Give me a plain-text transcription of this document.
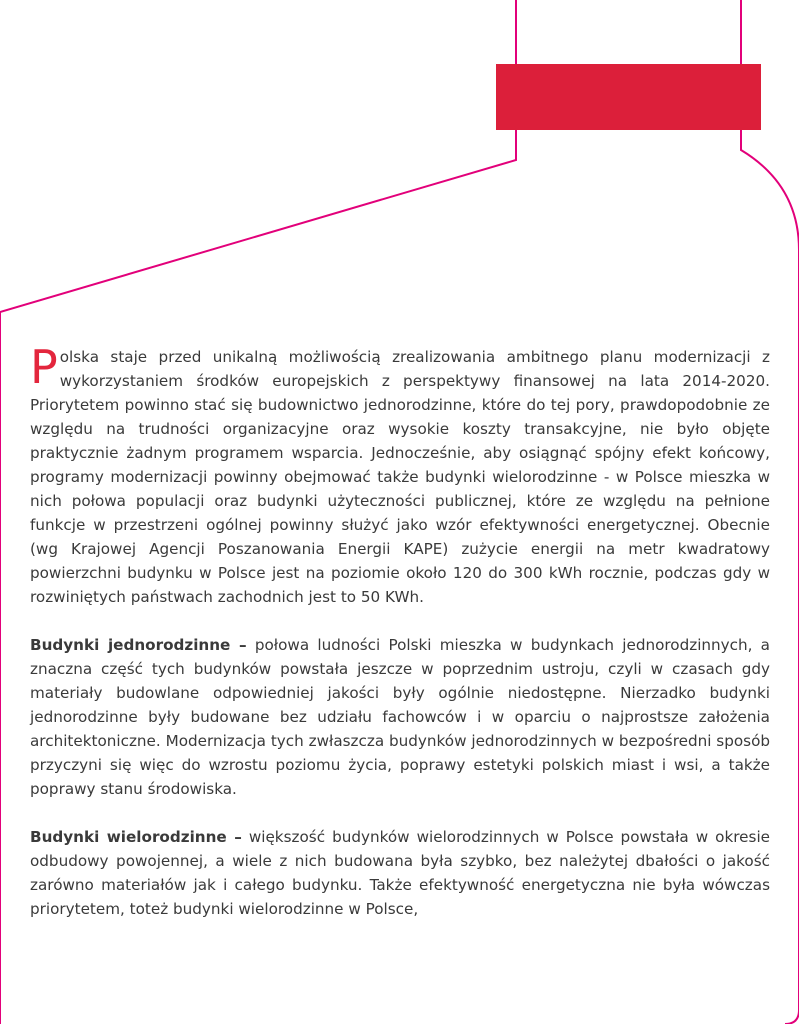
P olska staje przed unikalną możliwością zrealizowania ambitnego planu modernizacji z wykorzystaniem środków europejskich z perspektywy finansowej na lata 2014-2020. Priorytetem powinno stać się budownictwo jednorodzinne, które do tej pory, prawdopodobnie ze względu na trudności organizacyjne oraz wysokie koszty transakcyjne, nie było objęte praktycznie żadnym programem wsparcia. Jednocześnie, aby osiągnąć spójny efekt końcowy, programy modernizacji powinny obejmować także budynki wielorodzinne - w Polsce mieszka w nich połowa populacji oraz budynki użyteczności publicznej, które ze względu na pełnione funkcje w przestrzeni ogólnej powinny służyć jako wzór efektywności energetycznej. Obecnie (wg Krajowej Agencji Poszanowania Energii KAPE) zużycie energii na metr kwadratowy powierzchni budynku w Polsce jest na poziomie około 120 do 300 kWh rocznie, podczas gdy w rozwiniętych państwach zachodnich jest to 50 KWh.

Budynki jednorodzinne – połowa ludności Polski mieszka w budynkach jednorodzinnych, a znaczna część tych budynków powstała jeszcze w poprzednim ustroju, czyli w czasach gdy materiały budowlane odpowiedniej jakości były ogólnie niedostępne. Nierzadko budynki jednorodzinne były budowane bez udziału fachowców i w oparciu o najprostsze założenia architektoniczne. Modernizacja tych zwłaszcza budynków jednorodzinnych w bezpośredni sposób przyczyni się więc do wzrostu poziomu życia, poprawy estetyki polskich miast i wsi, a także poprawy stanu środowiska.

Budynki wielorodzinne – większość budynków wielorodzinnych w Polsce powstała w okresie odbudowy powojennej, a wiele z nich budowana była szybko, bez należytej dbałości o jakość zarówno materiałów jak i całego budynku. Także efektywność energetyczna nie była wówczas priorytetem, toteż budynki wielorodzinne w Polsce,
